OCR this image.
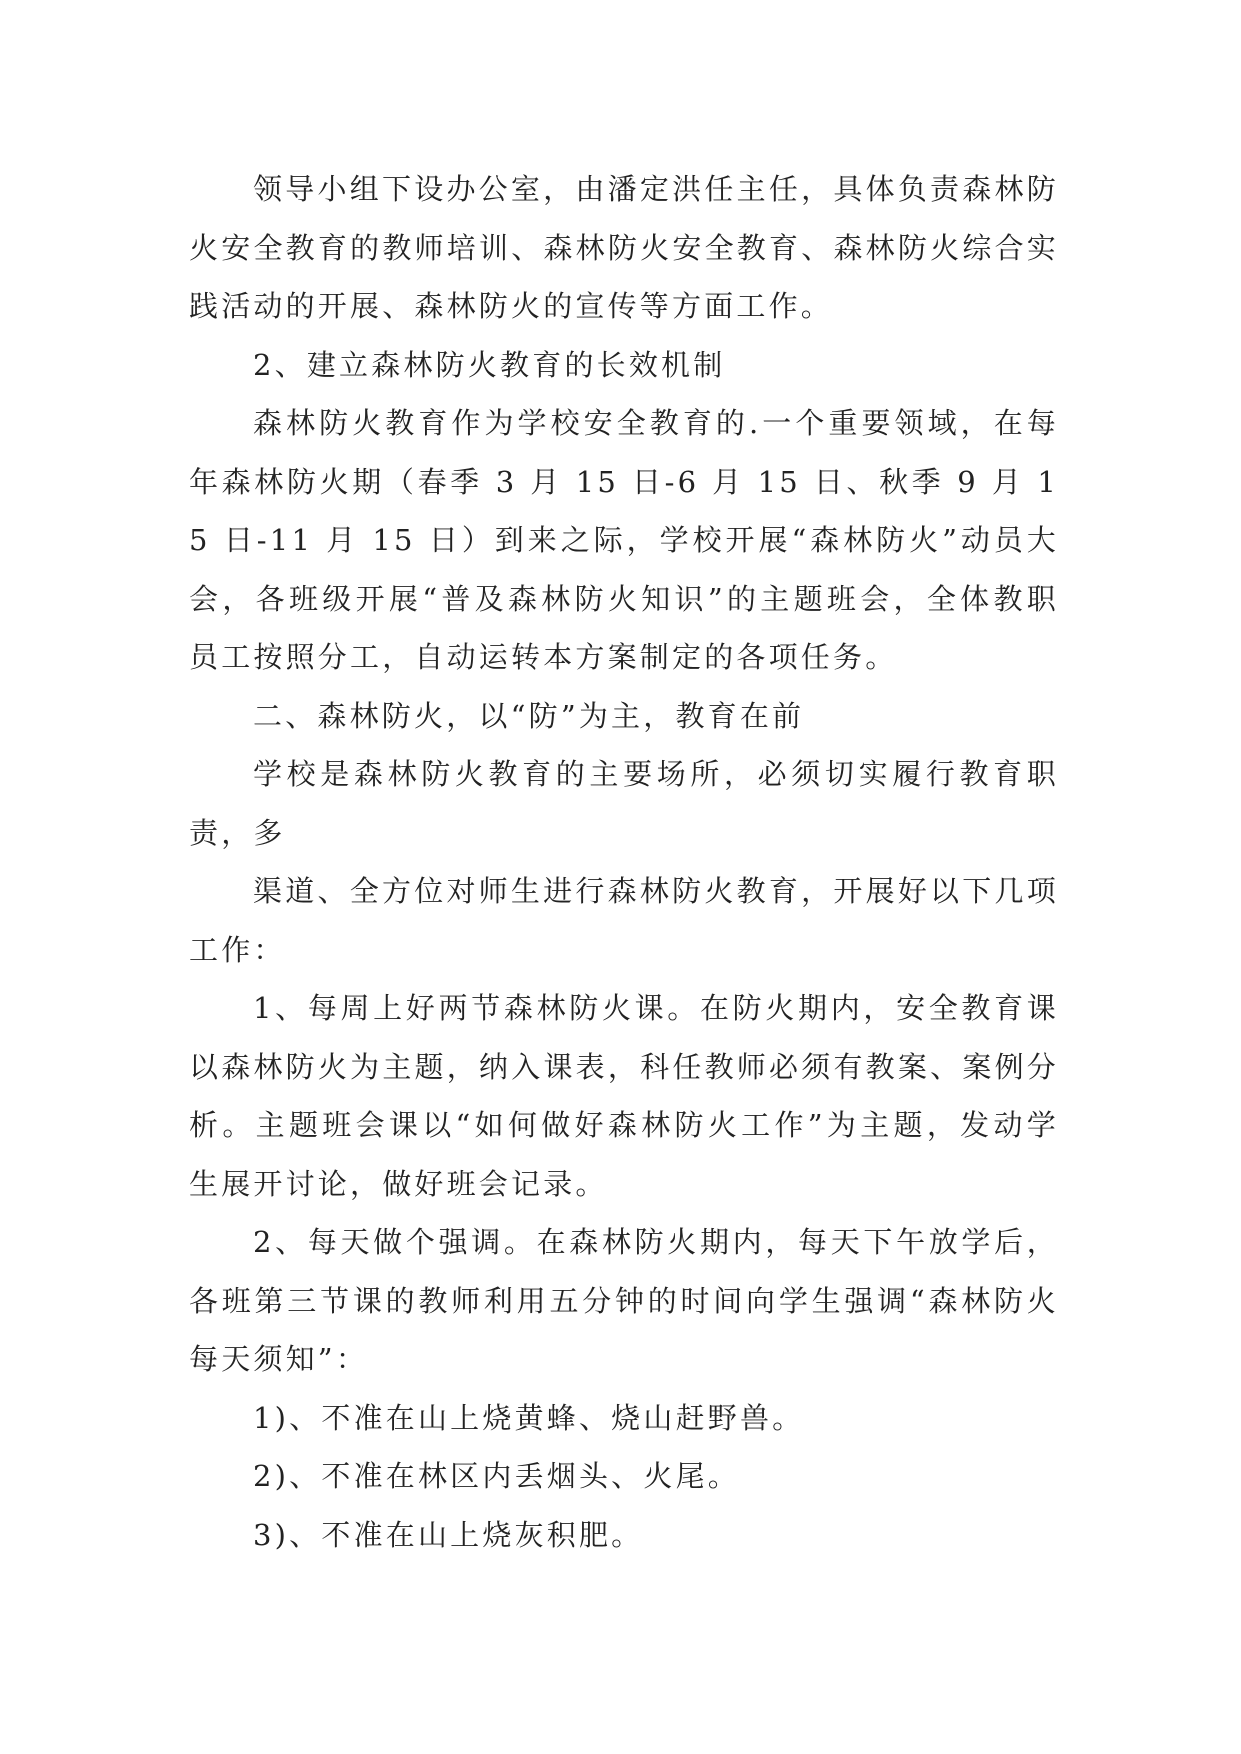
领导小组下设办公室，由潘定洪任主任，具体负责森林防火安全教育的教师培训、森林防火安全教育、森林防火综合实践活动的开展、森林防火的宣传等方面工作。

2、建立森林防火教育的长效机制

森林防火教育作为学校安全教育的.一个重要领域，在每年森林防火期（春季 3 月 15 日-6 月 15 日、秋季 9 月 15 日-11 月 15 日）到来之际，学校开展“森林防火”动员大会，各班级开展“普及森林防火知识”的主题班会，全体教职员工按照分工，自动运转本方案制定的各项任务。

二、森林防火，以“防”为主，教育在前

学校是森林防火教育的主要场所，必须切实履行教育职责，多

渠道、全方位对师生进行森林防火教育，开展好以下几项工作：

1、每周上好两节森林防火课。在防火期内，安全教育课以森林防火为主题，纳入课表，科任教师必须有教案、案例分析。主题班会课以“如何做好森林防火工作”为主题，发动学生展开讨论，做好班会记录。

2、每天做个强调。在森林防火期内，每天下午放学后，各班第三节课的教师利用五分钟的时间向学生强调“森林防火每天须知”：

1)、不准在山上烧黄蜂、烧山赶野兽。

2)、不准在林区内丢烟头、火尾。

3)、不准在山上烧灰积肥。
